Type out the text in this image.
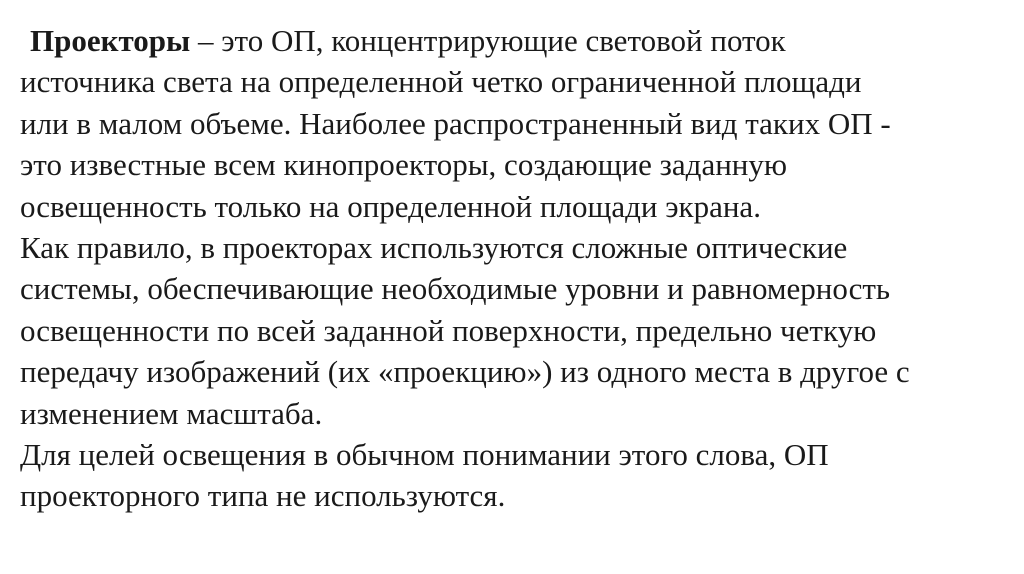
Проекторы – это ОП, концентрирующие световой поток
источника света на определенной четко ограниченной площади
или в малом объеме. Наиболее распространенный вид таких ОП -
это известные всем кинопроекторы, создающие заданную
освещенность только на определенной площади экрана.
Как правило, в проекторах используются сложные оптические
системы, обеспечивающие необходимые уровни и равномерность
освещенности по всей заданной поверхности, предельно четкую
передачу изображений (их «проекцию») из одного места в другое с
изменением масштаба.
Для целей освещения в обычном понимании этого слова, ОП
проекторного типа не используются.
